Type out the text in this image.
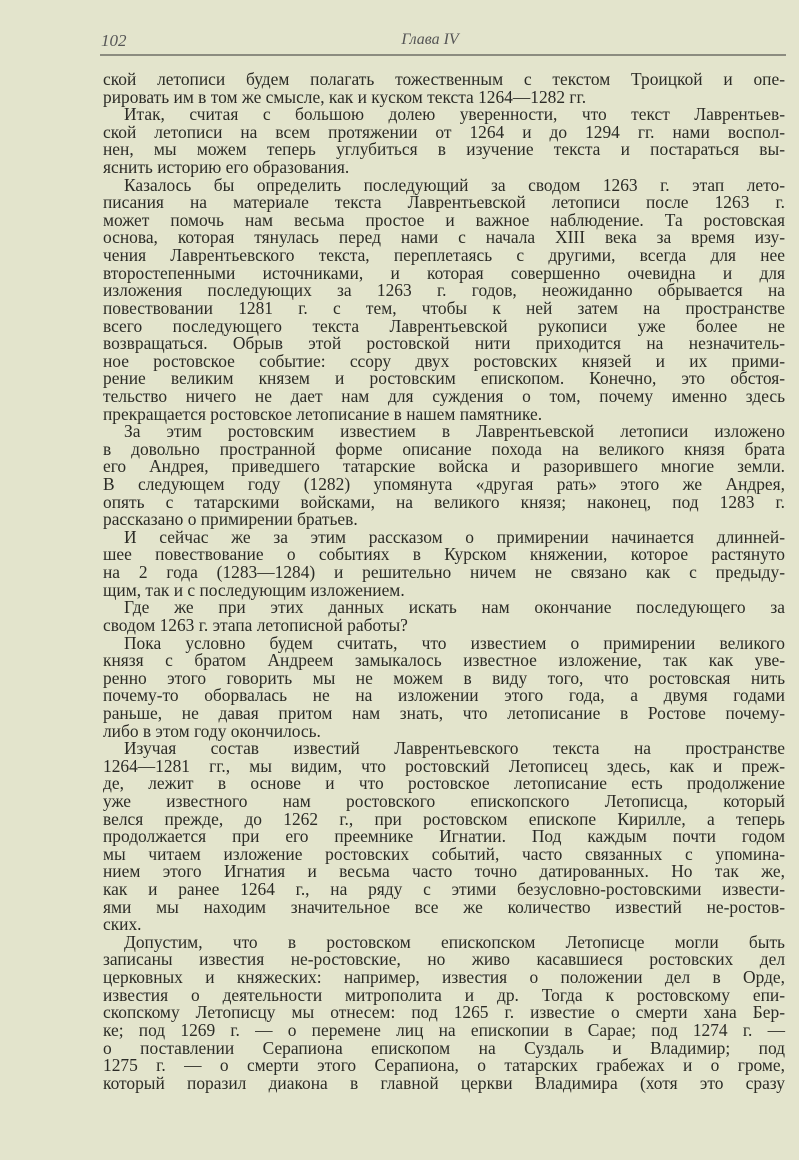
102	Глава IV
ской летописи будем полагать тожественным с текстом Троицкой и опе-
рировать им в том же смысле, как и куском текста 1264—1282 гг.
Итак, считая с большою долею уверенности, что текст Лаврентьев-
ской летописи на всем протяжении от 1264 и до 1294 гг. нами воспол-
нен, мы можем теперь углубиться в изучение текста и постараться вы-
яснить историю его образования.
Казалось бы определить последующий за сводом 1263 г. этап лето-
писания на материале текста Лаврентьевской летописи после 1263 г.
может помочь нам весьма простое и важное наблюдение. Та ростовская
основа, которая тянулась перед нами с начала XIII века за время изу-
чения Лаврентьевского текста, переплетаясь с другими, всегда для нее
второстепенными источниками, и которая совершенно очевидна и для
изложения последующих за 1263 г. годов, неожиданно обрывается на
повествовании 1281 г. с тем, чтобы к ней затем на пространстве
всего последующего текста Лаврентьевской рукописи уже более не
возвращаться. Обрыв этой ростовской нити приходится на незначитель-
ное ростовское событие: ссору двух ростовских князей и их прими-
рение великим князем и ростовским епископом. Конечно, это обстоя-
тельство ничего не дает нам для суждения о том, почему именно здесь
прекращается ростовское летописание в нашем памятнике.
За этим ростовским известием в Лаврентьевской летописи изложено
в довольно пространной форме описание похода на великого князя брата
его Андрея, приведшего татарские войска и разорившего многие земли.
В следующем году (1282) упомянута «другая рать» этого же Андрея,
опять с татарскими войсками, на великого князя; наконец, под 1283 г.
рассказано о примирении братьев.
И сейчас же за этим рассказом о примирении начинается длинней-
шее повествование о событиях в Курском княжении, которое растянуто
на 2 года (1283—1284) и решительно ничем не связано как с предыду-
щим, так и с последующим изложением.
Где же при этих данных искать нам окончание последующего за
сводом 1263 г. этапа летописной работы?
Пока условно будем считать, что известием о примирении великого
князя с братом Андреем замыкалось известное изложение, так как уве-
ренно этого говорить мы не можем в виду того, что ростовская нить
почему-то оборвалась не на изложении этого года, а двумя годами
раньше, не давая притом нам знать, что летописание в Ростове почему-
либо в этом году окончилось.
Изучая состав известий Лаврентьевского текста на пространстве
1264—1281 гг., мы видим, что ростовский Летописец здесь, как и преж-
де, лежит в основе и что ростовское летописание есть продолжение
уже известного нам ростовского епископского Летописца, который
велся прежде, до 1262 г., при ростовском епископе Кирилле, а теперь
продолжается при его преемнике Игнатии. Под каждым почти годом
мы читаем изложение ростовских событий, часто связанных с упомина-
нием этого Игнатия и весьма часто точно датированных. Но так же,
как и ранее 1264 г., на ряду с этими безусловно-ростовскими извести-
ями мы находим значительное все же количество известий не-ростов-
ских.
Допустим, что в ростовском епископском Летописце могли быть
записаны известия не-ростовские, но живо касавшиеся ростовских дел
церковных и княжеских: например, известия о положении дел в Орде,
известия о деятельности митрополита и др. Тогда к ростовскому епи-
скопскому Летописцу мы отнесем: под 1265 г. известие о смерти хана Бер-
ке; под 1269 г. — о перемене лиц на епископии в Сарае; под 1274 г. —
о поставлении Серапиона епископом на Суздаль и Владимир; под
1275 г. — о смерти этого Серапиона, о татарских грабежах и о громе,
который поразил диакона в главной церкви Владимира (хотя это сразу
